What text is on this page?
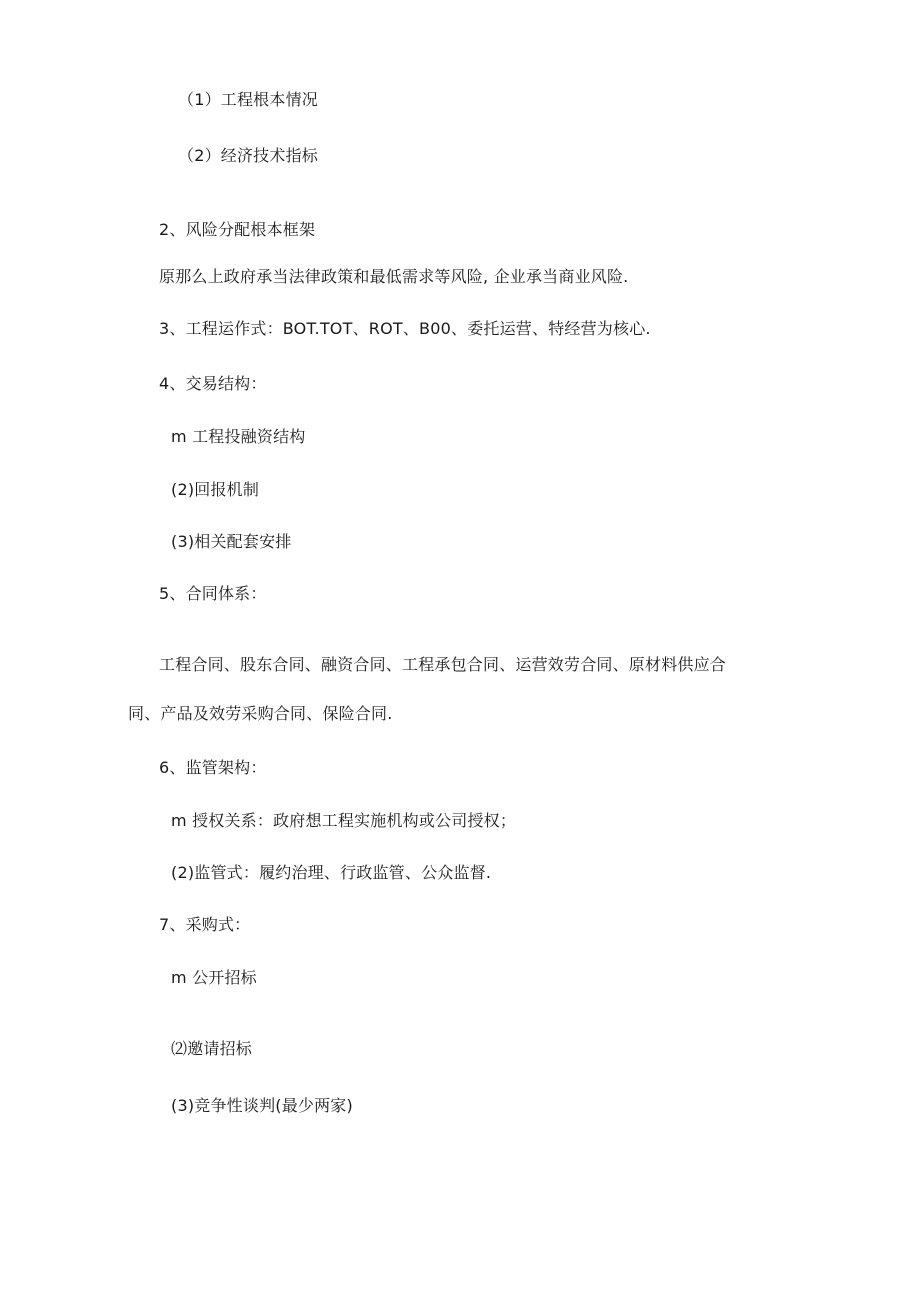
（1）工程根本情况
（2）经济技术指标
2、风险分配根本框架
原那么上政府承当法律政策和最低需求等风险, 企业承当商业风险.
3、工程运作式：BOT.TOT、ROT、B00、委托运营、特经营为核心.
4、交易结构：
m 工程投融资结构
(2)回报机制
(3)相关配套安排
5、合同体系：
工程合同、股东合同、融资合同、工程承包合同、运营效劳合同、原材料供应合
同、产品及效劳采购合同、保险合同.
6、监管架构：
m 授权关系：政府想工程实施机构或公司授权；
(2)监管式：履约治理、行政监管、公众监督.
7、采购式：
m 公开招标
⑵邀请招标
(3)竞争性谈判(最少两家)
